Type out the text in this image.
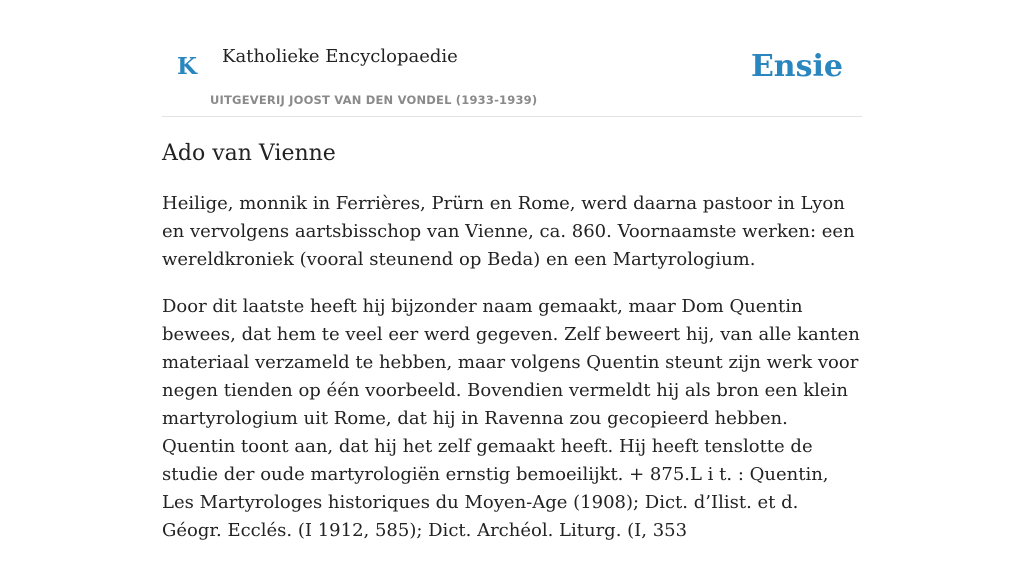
K Katholieke Encyclopaedie
UITGEVERIJ JOOST VAN DEN VONDEL (1933-1939)
Ensie
Ado van Vienne

Heilige, monnik in Ferrières, Prürn en Rome, werd daarna pastoor in Lyon en vervolgens aartsbisschop van Vienne, ca. 860. Voornaamste werken: een wereldkroniek (vooral steunend op Beda) en een Martyrologium.

Door dit laatste heeft hij bijzonder naam gemaakt, maar Dom Quentin bewees, dat hem te veel eer werd gegeven. Zelf beweert hij, van alle kanten materiaal verzameld te hebben, maar volgens Quentin steunt zijn werk voor negen tienden op één voorbeeld. Bovendien vermeldt hij als bron een klein martyrologium uit Rome, dat hij in Ravenna zou gecopieerd hebben. Quentin toont aan, dat hij het zelf gemaakt heeft. Hij heeft tenslotte de studie der oude martyrologiën ernstig bemoeilijkt. + 875.L i t. : Quentin, Les Martyrologes historiques du Moyen-Age (1908); Dict. d’Ilist. et d. Géogr. Ecclés. (I 1912, 585); Dict. Archéol. Liturg. (I, 353
